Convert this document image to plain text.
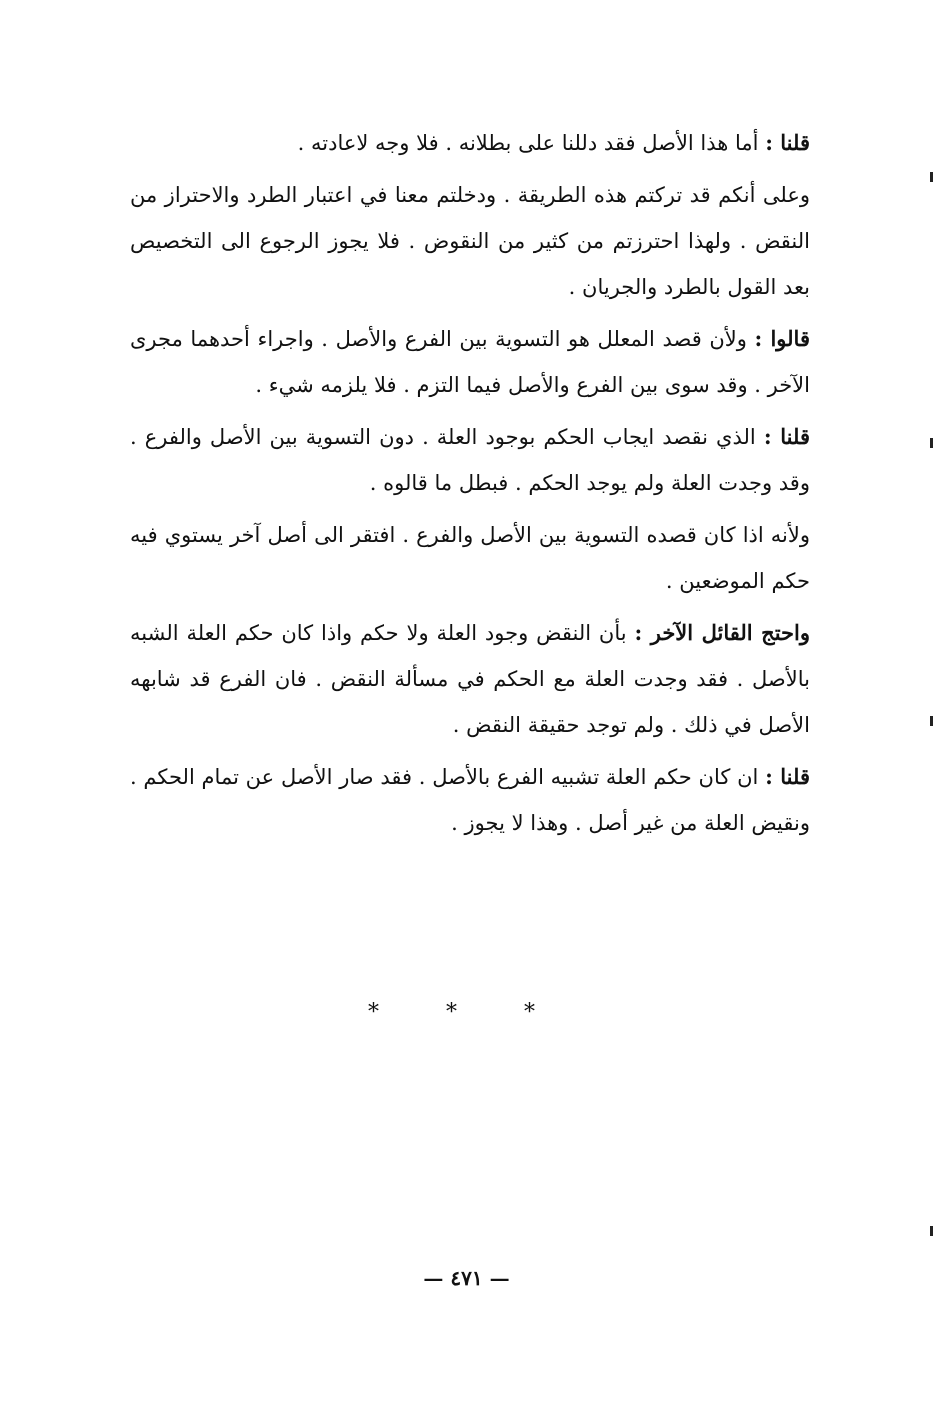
قلنا : أما هذا الأصل فقد دللنا على بطلانه . فلا وجه لاعادته .

وعلى أنكم قد تركتم هذه الطريقة . ودخلتم معنا في اعتبار الطرد والاحتراز من النقض . ولهذا احترزتم من كثير من النقوض . فلا يجوز الرجوع الى التخصيص بعد القول بالطرد والجريان .

قالوا : ولأن قصد المعلل هو التسوية بين الفرع والأصل . واجراء أحدهما مجرى الآخر . وقد سوى بين الفرع والأصل فيما التزم . فلا يلزمه شيء .

قلنا : الذي نقصد ايجاب الحكم بوجود العلة . دون التسوية بين الأصل والفرع . وقد وجدت العلة ولم يوجد الحكم . فبطل ما قالوه .

ولأنه اذا كان قصده التسوية بين الأصل والفرع . افتقر الى أصل آخر يستوي فيه حكم الموضعين .

واحتج القائل الآخر : بأن النقض وجود العلة ولا حكم واذا كان حكم العلة الشبه بالأصل . فقد وجدت العلة مع الحكم في مسألة النقض . فان الفرع قد شابهه الأصل في ذلك . ولم توجد حقيقة النقض .

قلنا : ان كان حكم العلة تشبيه الفرع بالأصل . فقد صار الأصل عن تمام الحكم . ونقيض العلة من غير أصل . وهذا لا يجوز .

* * *
— ٤٧١ —
